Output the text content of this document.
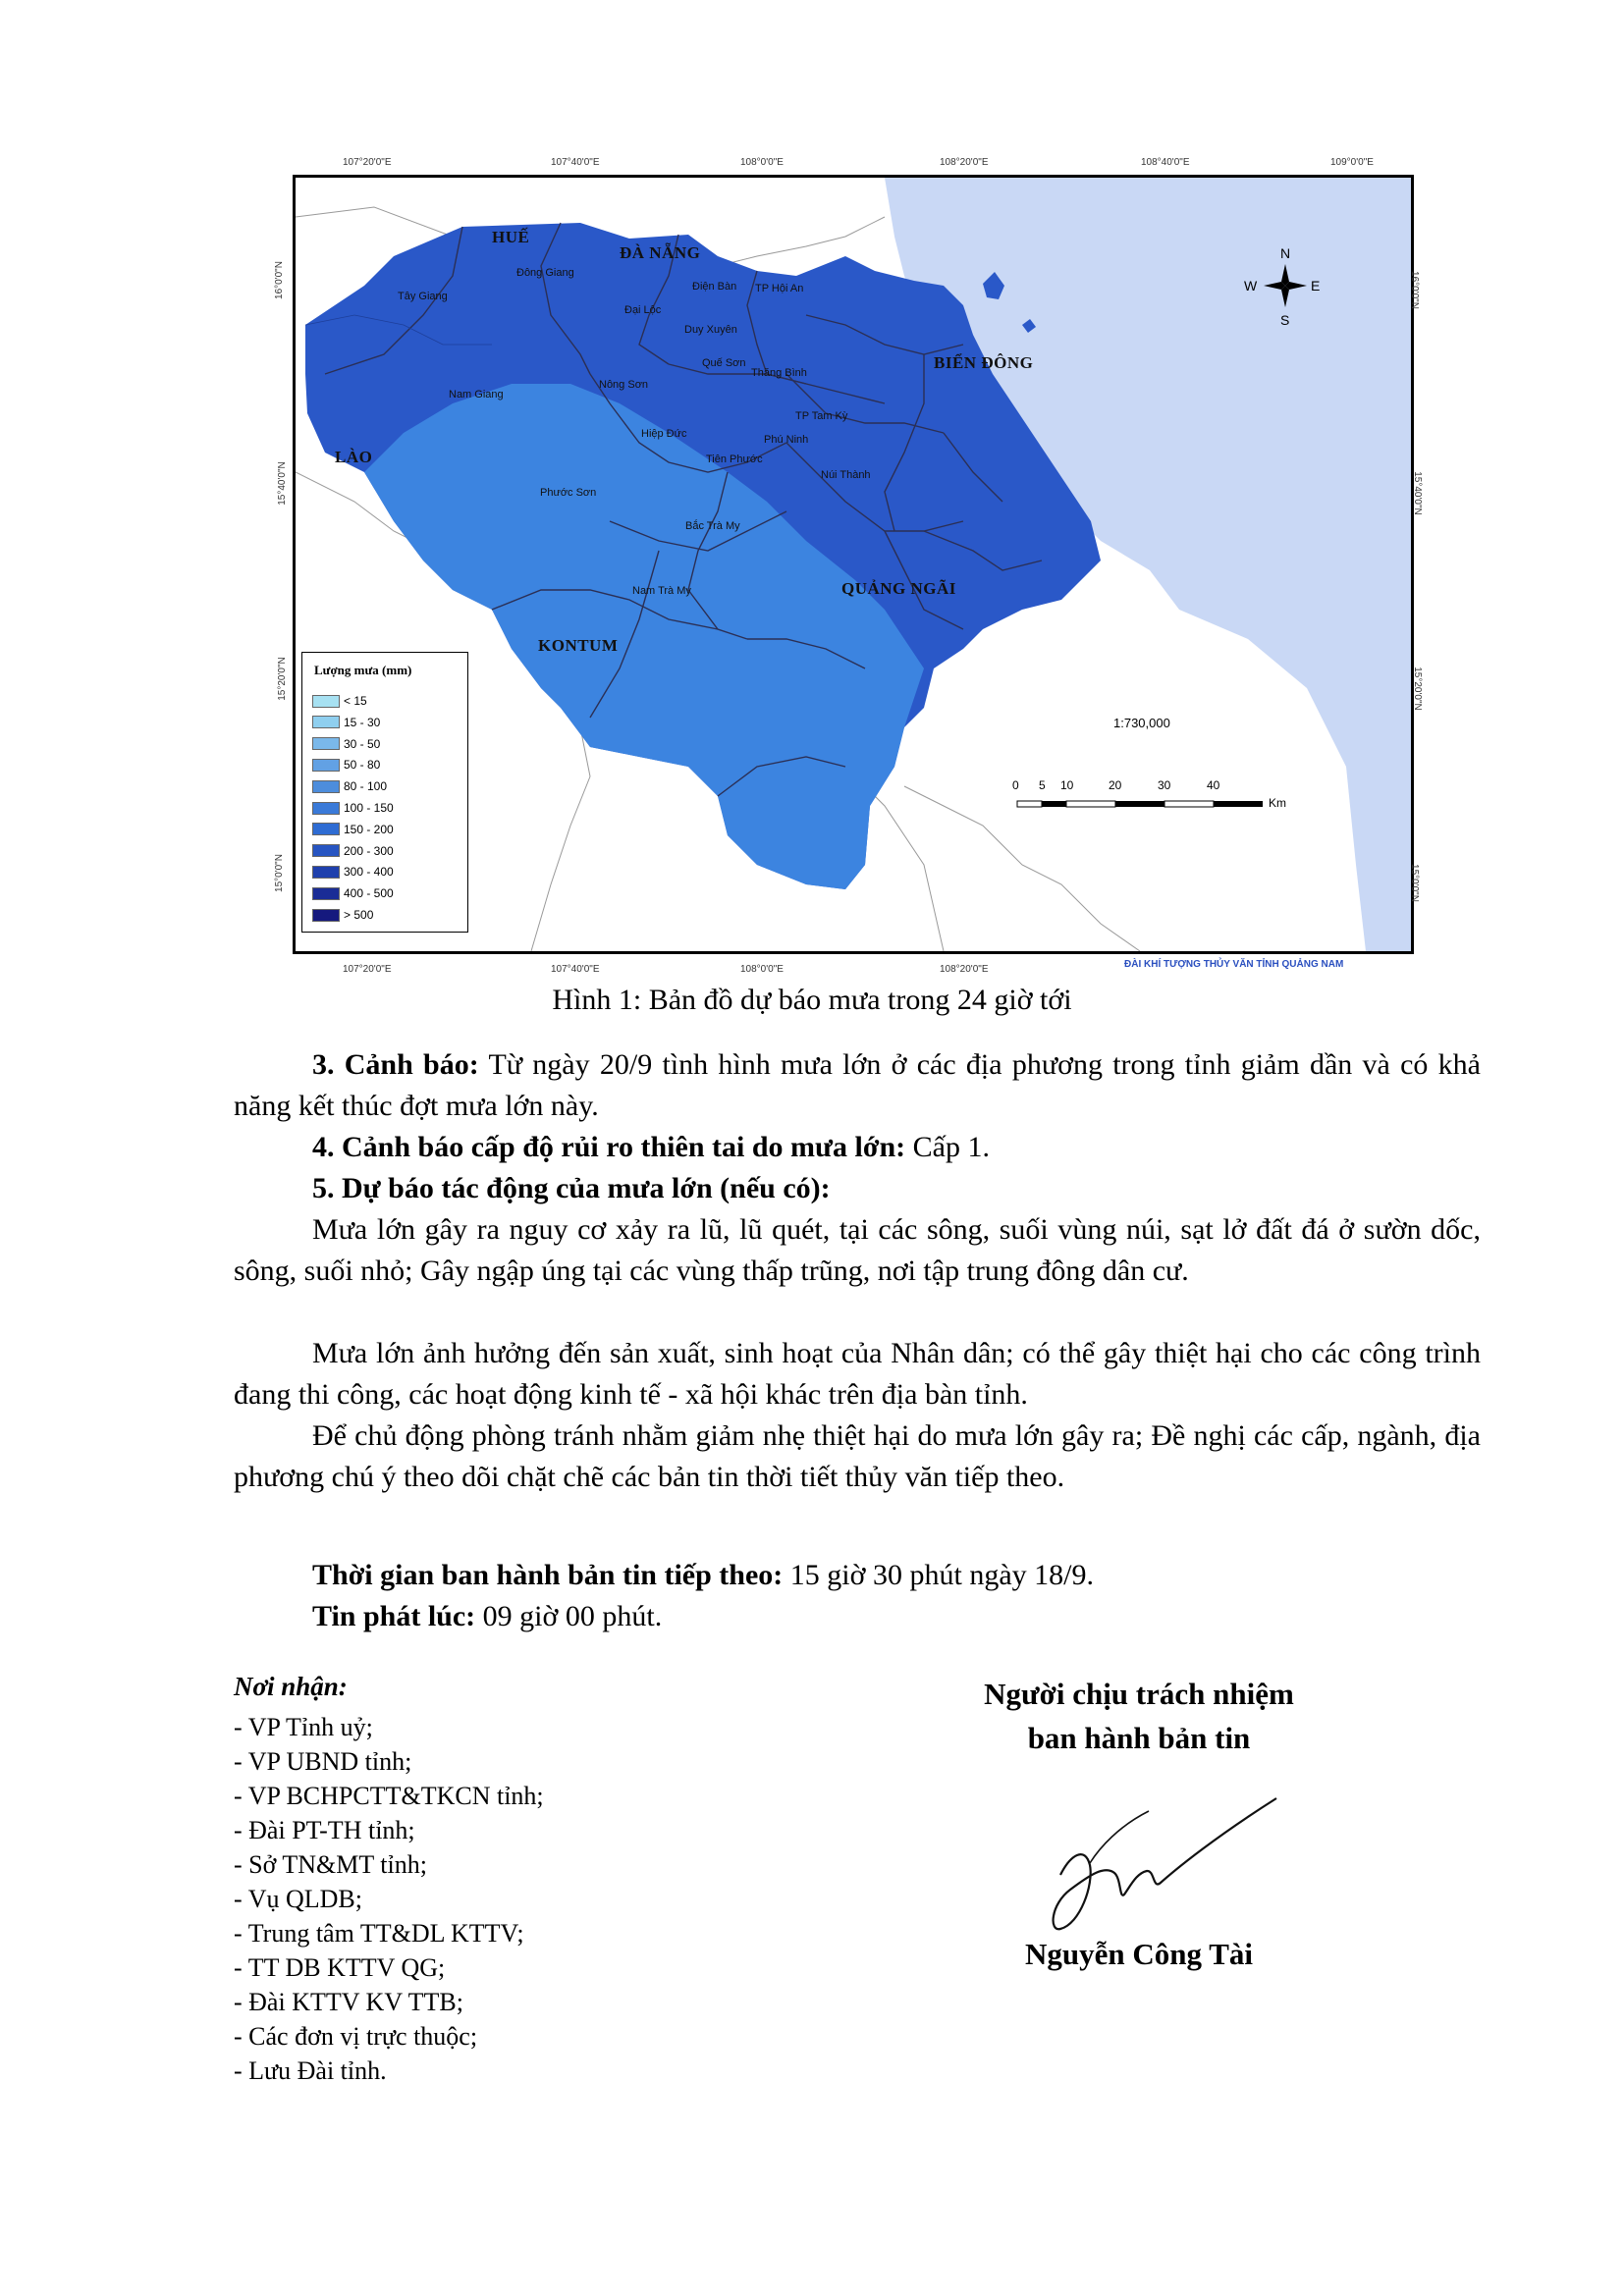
HUẾ
ĐÀ NẴNG
BIỂN ĐÔNG
LÀO
QUẢNG NGÃI
KONTUM
Tây Giang
Đông Giang
Đại Lộc
Điện Bàn TP Hội An
Duy Xuyên
Quế Sơn
Thăng Bình
Nam Giang
Nông Sơn
TP Tam Kỳ
Hiệp Đức	Phú Ninh
Tiên Phước
Núi Thành
Phước Sơn
Bắc Trà My
Nam Trà My
N
S
E
W
Lượng mưa (mm)
< 15
15 - 30
30 - 50
50 - 80
80 - 100
100 - 150
150 - 200
200 - 300
300 - 400
400 - 500
> 500
0 5 10	20	30	40
Km
1:730,000
107°20'0"E	107°40'0"E	108°0'0"E	108°20'0"E	108°40'0"E	109°0'0"E
107°20'0"E	107°40'0"E	108°0'0"E	108°20'0"E
16°0'0"N
15°40'0"N
15°20'0"N
15°0'0"N
16°0'0"N
15°40'0"N
15°20'0"N
15°0'0"N
ĐÀI KHÍ TƯỢNG THỦY VĂN TỈNH QUẢNG NAM
Hình 1: Bản đồ dự báo mưa trong 24 giờ tới
3. Cảnh báo: Từ ngày 20/9 tình hình mưa lớn ở các địa phương trong tỉnh giảm dần và có khả năng kết thúc đợt mưa lớn này.
4. Cảnh báo cấp độ rủi ro thiên tai do mưa lớn: Cấp 1.
5. Dự báo tác động của mưa lớn (nếu có):
Mưa lớn gây ra nguy cơ xảy ra lũ, lũ quét, tại các sông, suối vùng núi, sạt lở đất đá ở sườn dốc, sông, suối nhỏ; Gây ngập úng tại các vùng thấp trũng, nơi tập trung đông dân cư.
Mưa lớn ảnh hưởng đến sản xuất, sinh hoạt của Nhân dân; có thể gây thiệt hại cho các công trình đang thi công, các hoạt động kinh tế - xã hội khác trên địa bàn tỉnh.
Để chủ động phòng tránh nhằm giảm nhẹ thiệt hại do mưa lớn gây ra; Đề nghị các cấp, ngành, địa phương chú ý theo dõi chặt chẽ các bản tin thời tiết thủy văn tiếp theo.
Thời gian ban hành bản tin tiếp theo: 15 giờ 30 phút ngày 18/9.
Tin phát lúc: 09 giờ 00 phút.
Nơi nhận:
- VP Tỉnh uỷ;
- VP UBND tỉnh;
- VP BCHPCTT&TKCN tỉnh;
- Đài PT-TH tỉnh;
- Sở TN&MT tỉnh;
- Vụ QLDB;
- Trung tâm TT&DL KTTV;
- TT DB KTTV QG;
- Đài KTTV KV TTB;
- Các đơn vị trực thuộc;
- Lưu Đài tỉnh.
Người chịu trách nhiệm
ban hành bản tin
Nguyễn Công Tài
